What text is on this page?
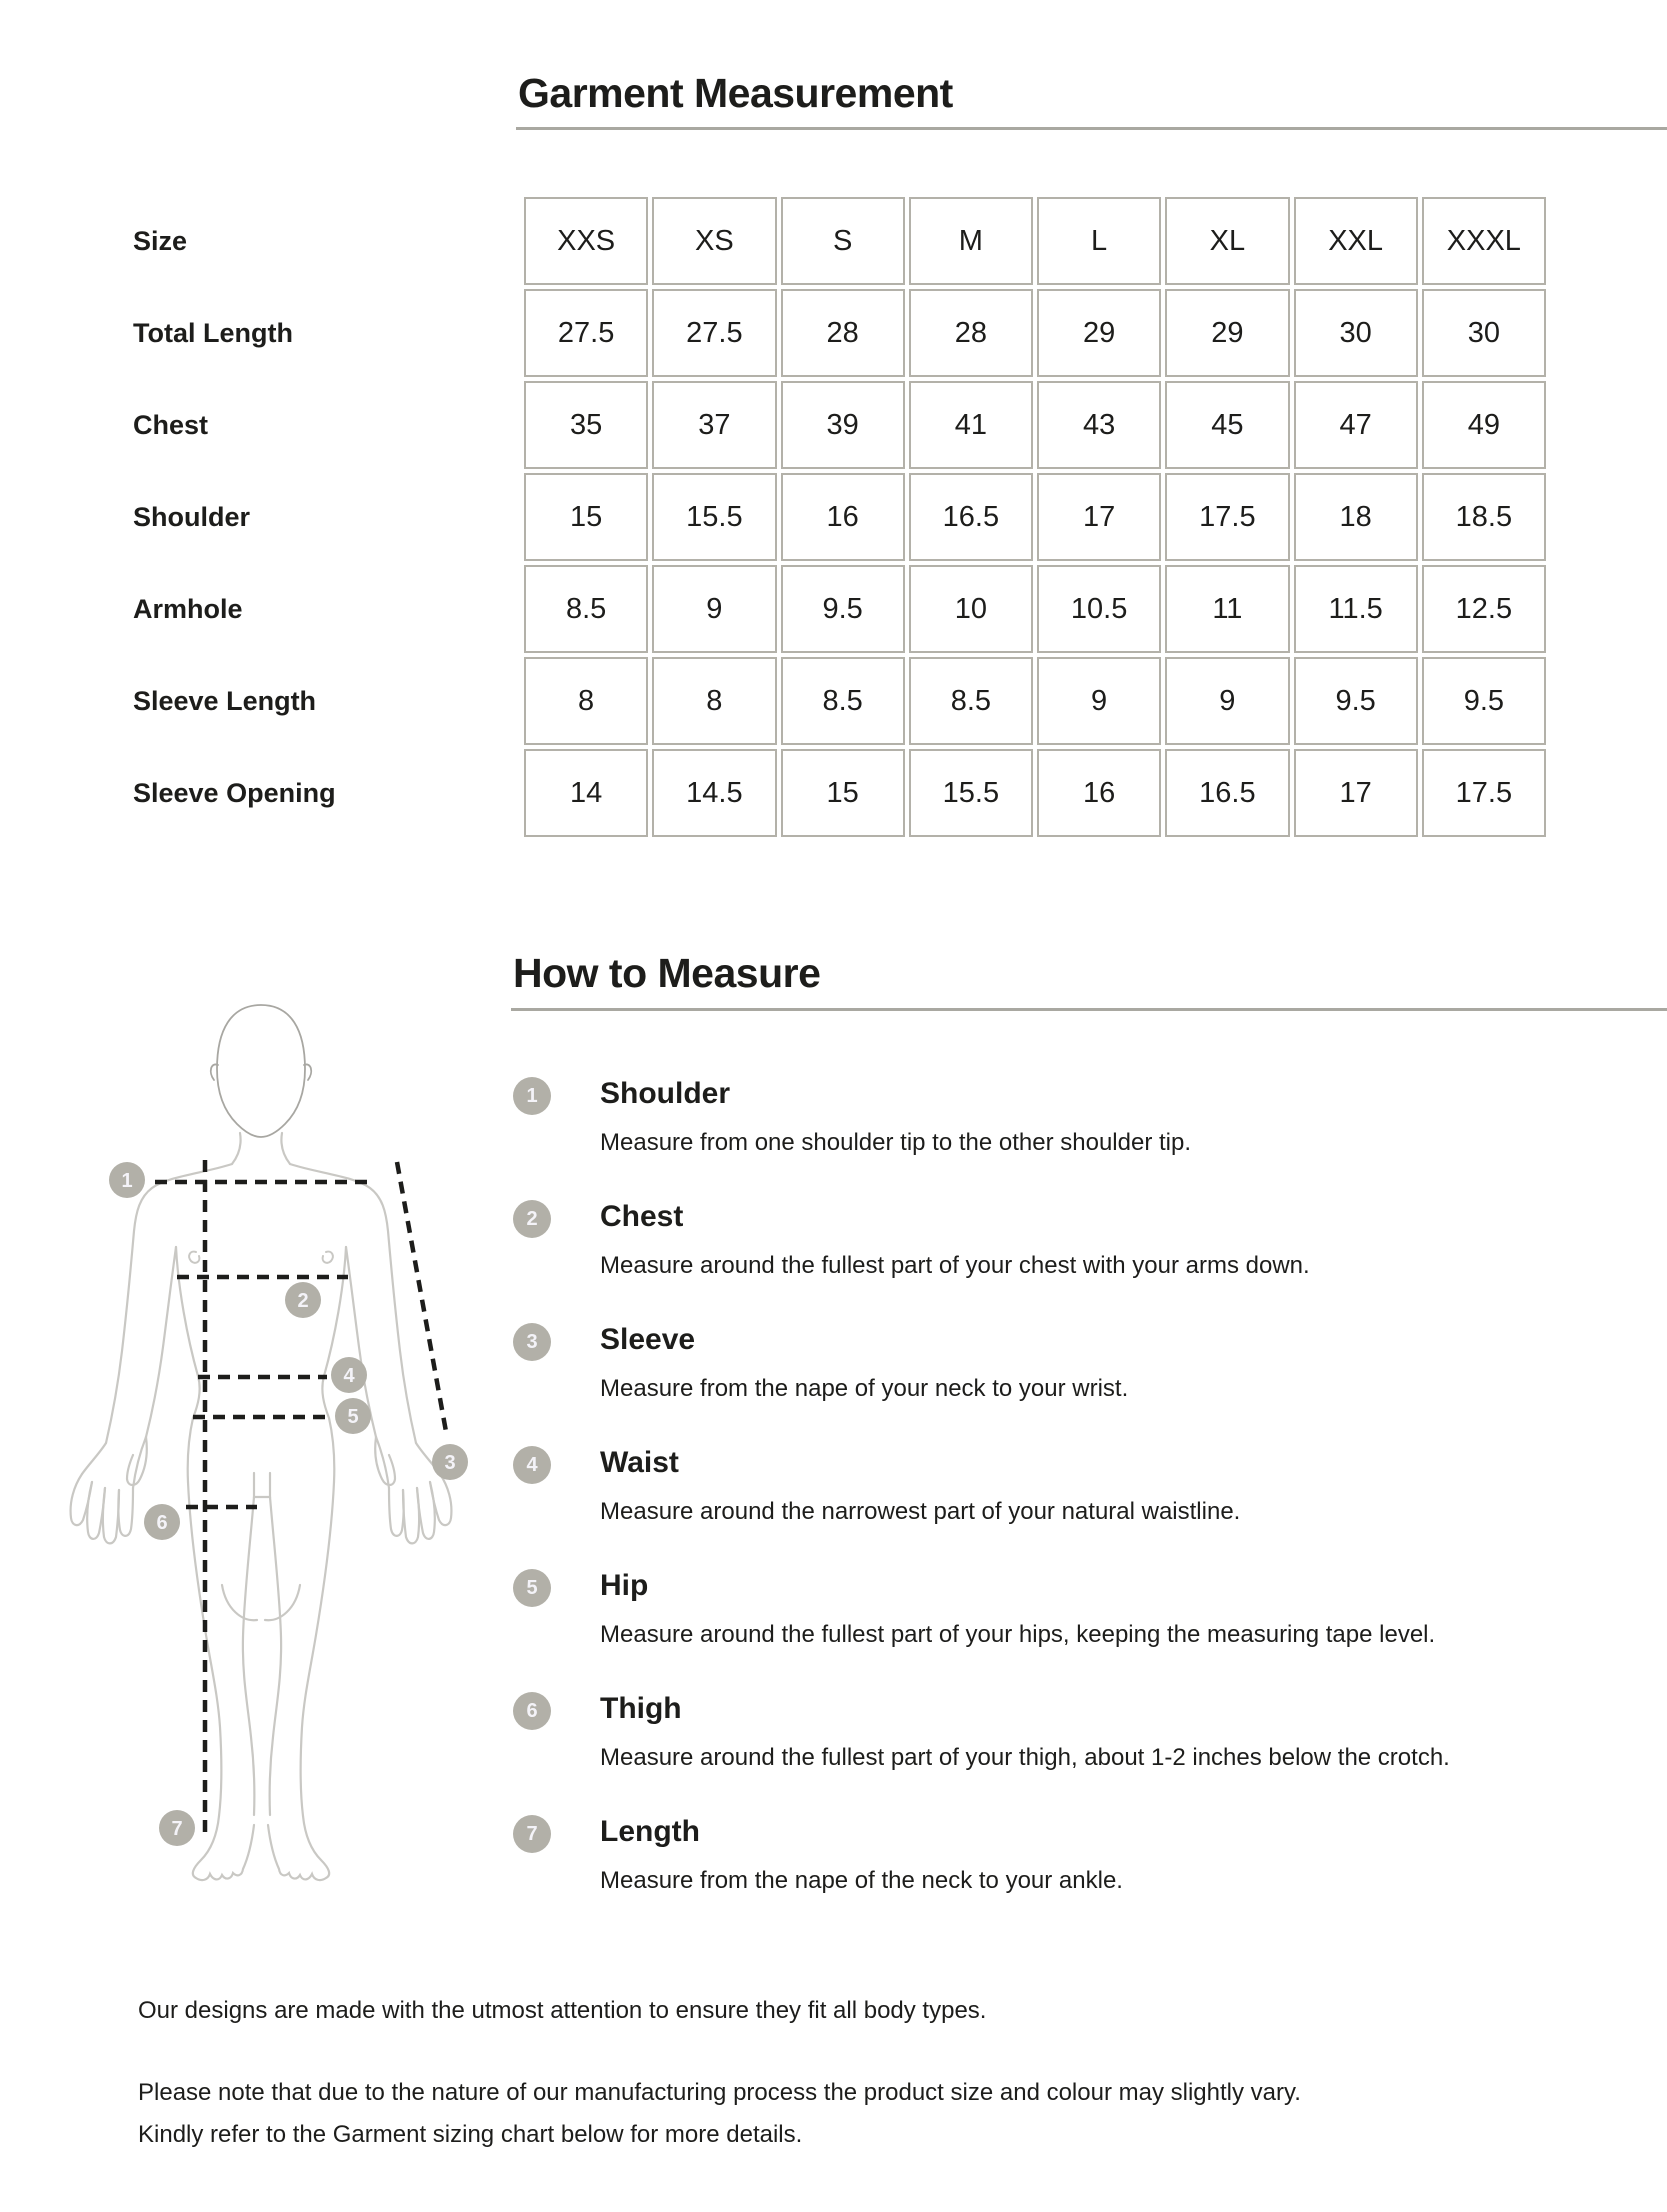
Garment Measurement
Size	XXS	XS	S	M	L	XL	XXL	XXXL
Total Length	27.5	27.5	28	28	29	29	30	30
Chest	35	37	39	41	43	45	47	49
Shoulder	15	15.5	16	16.5	17	17.5	18	18.5
Armhole	8.5	9	9.5	10	10.5	11	11.5	12.5
Sleeve Length	8	8	8.5	8.5	9	9	9.5	9.5
Sleeve Opening	14	14.5	15	15.5	16	16.5	17	17.5
How to Measure
1	Shoulder
Measure from one shoulder tip to the other shoulder tip.
2	Chest
Measure around the fullest part of your chest with your arms down.
3	Sleeve
Measure from the nape of your neck to your wrist.
4	Waist
Measure around the narrowest part of your natural waistline.
5	Hip
Measure around the fullest part of your hips, keeping the measuring tape level.
6	Thigh
Measure around the fullest part of your thigh, about 1-2 inches below the crotch.
7	Length
Measure from the nape of the neck to your ankle.
1
2
3
4
5
6
7
Our designs are made with the utmost attention to ensure they fit all body types.
Please note that due to the nature of our manufacturing process the product size and colour may slightly vary.
Kindly refer to the Garment sizing chart below for more details.
